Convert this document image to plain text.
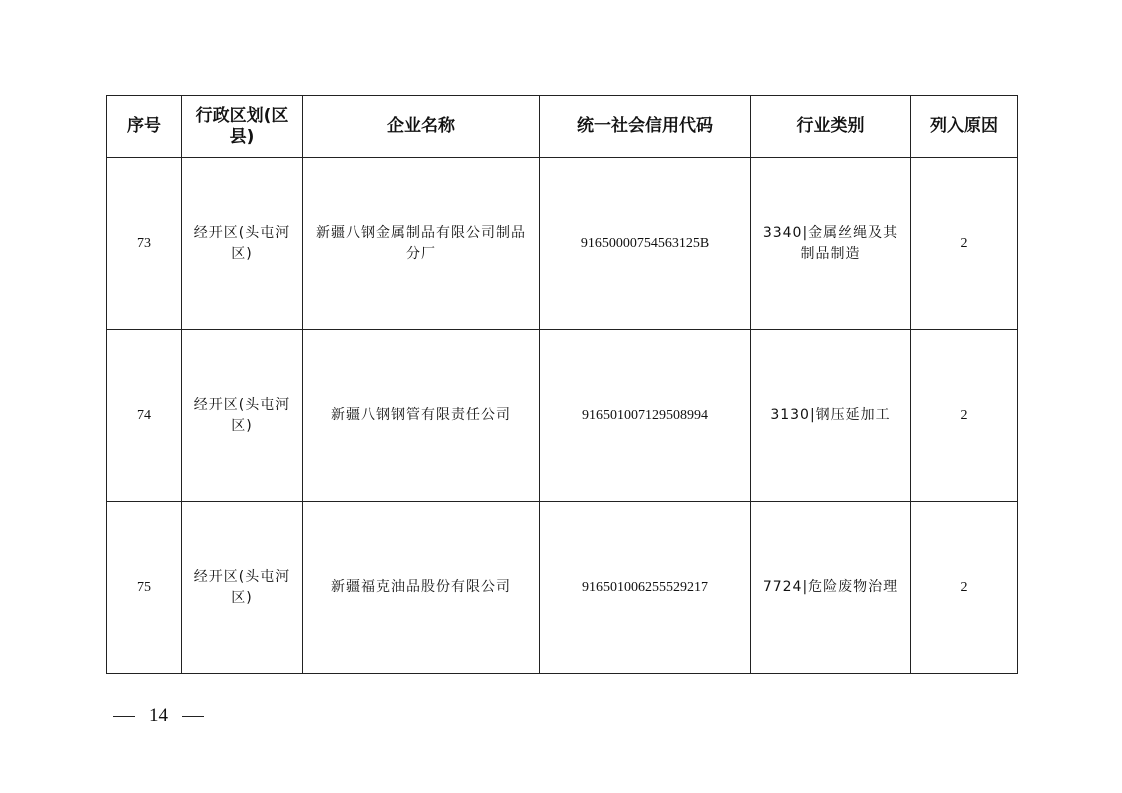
序号	行政区划(区县)	企业名称	统一社会信用代码	行业类别	列入原因
73	经开区(头屯河区)	新疆八钢金属制品有限公司制品分厂	91650000754563125B	3340|金属丝绳及其制品制造	2
74	经开区(头屯河区)	新疆八钢钢管有限责任公司	916501007129508994	3130|钢压延加工	2
75	经开区(头屯河区)	新疆福克油品股份有限公司	916501006255529217	7724|危险废物治理	2
14
